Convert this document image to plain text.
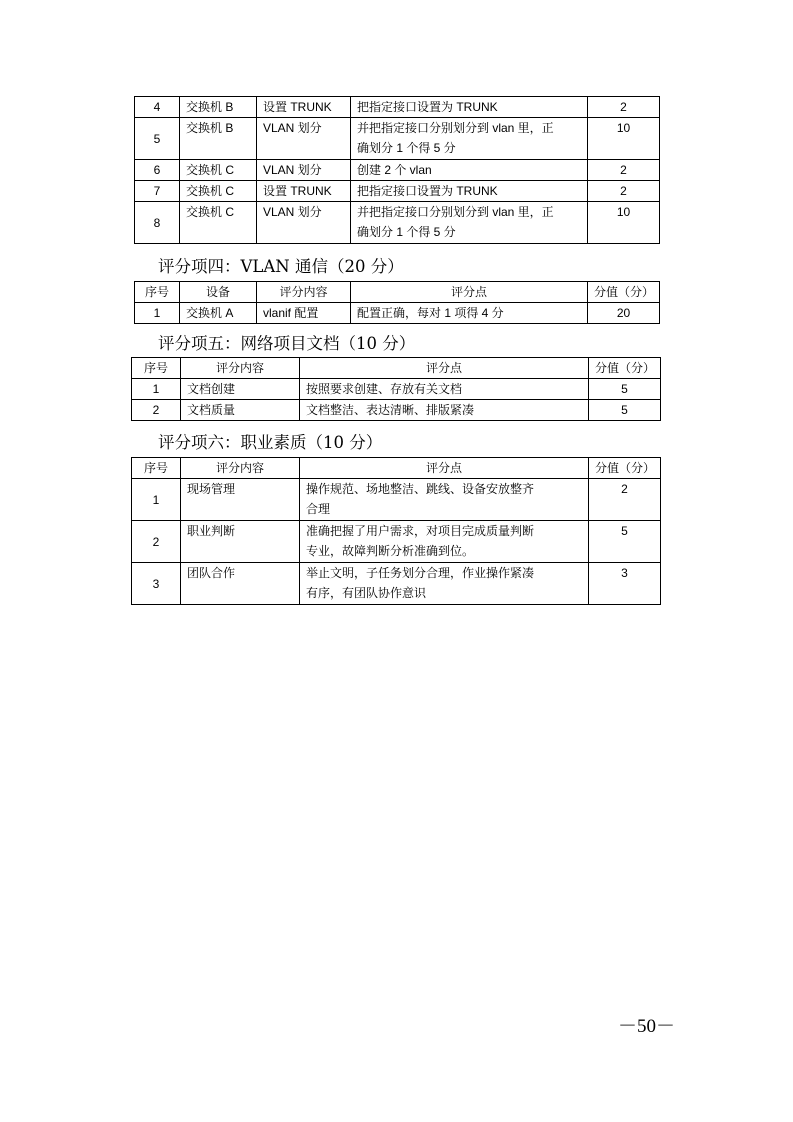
4	交换机 B	设置 TRUNK	把指定接口设置为 TRUNK	2
5	交换机 B	VLAN 划分	并把指定接口分别划分到 vlan 里，正
确划分 1 个得 5 分	10
6	交换机 C	VLAN 划分	创建 2 个 vlan	2
7	交换机 C	设置 TRUNK	把指定接口设置为 TRUNK	2
8	交换机 C	VLAN 划分	并把指定接口分别划分到 vlan 里，正
确划分 1 个得 5 分	10
评分项四：VLAN 通信（20 分）
序号	设备	评分内容	评分点	分值（分）
1	交换机 A	vlanif 配置	配置正确，每对 1 项得 4 分	20
评分项五：网络项目文档（10 分）
序号	评分内容	评分点	分值（分）
1	文档创建	按照要求创建、存放有关文档	5
2	文档质量	文档整洁、表达清晰、排版紧凑	5
评分项六：职业素质（10 分）
序号	评分内容	评分点	分值（分）
1	现场管理	操作规范、场地整洁、跳线、设备安放整齐
合理	2
2	职业判断	准确把握了用户需求，对项目完成质量判断
专业，故障判断分析准确到位。	5
3	团队合作	举止文明，子任务划分合理，作业操作紧凑
有序，有团队协作意识	3
－50－
